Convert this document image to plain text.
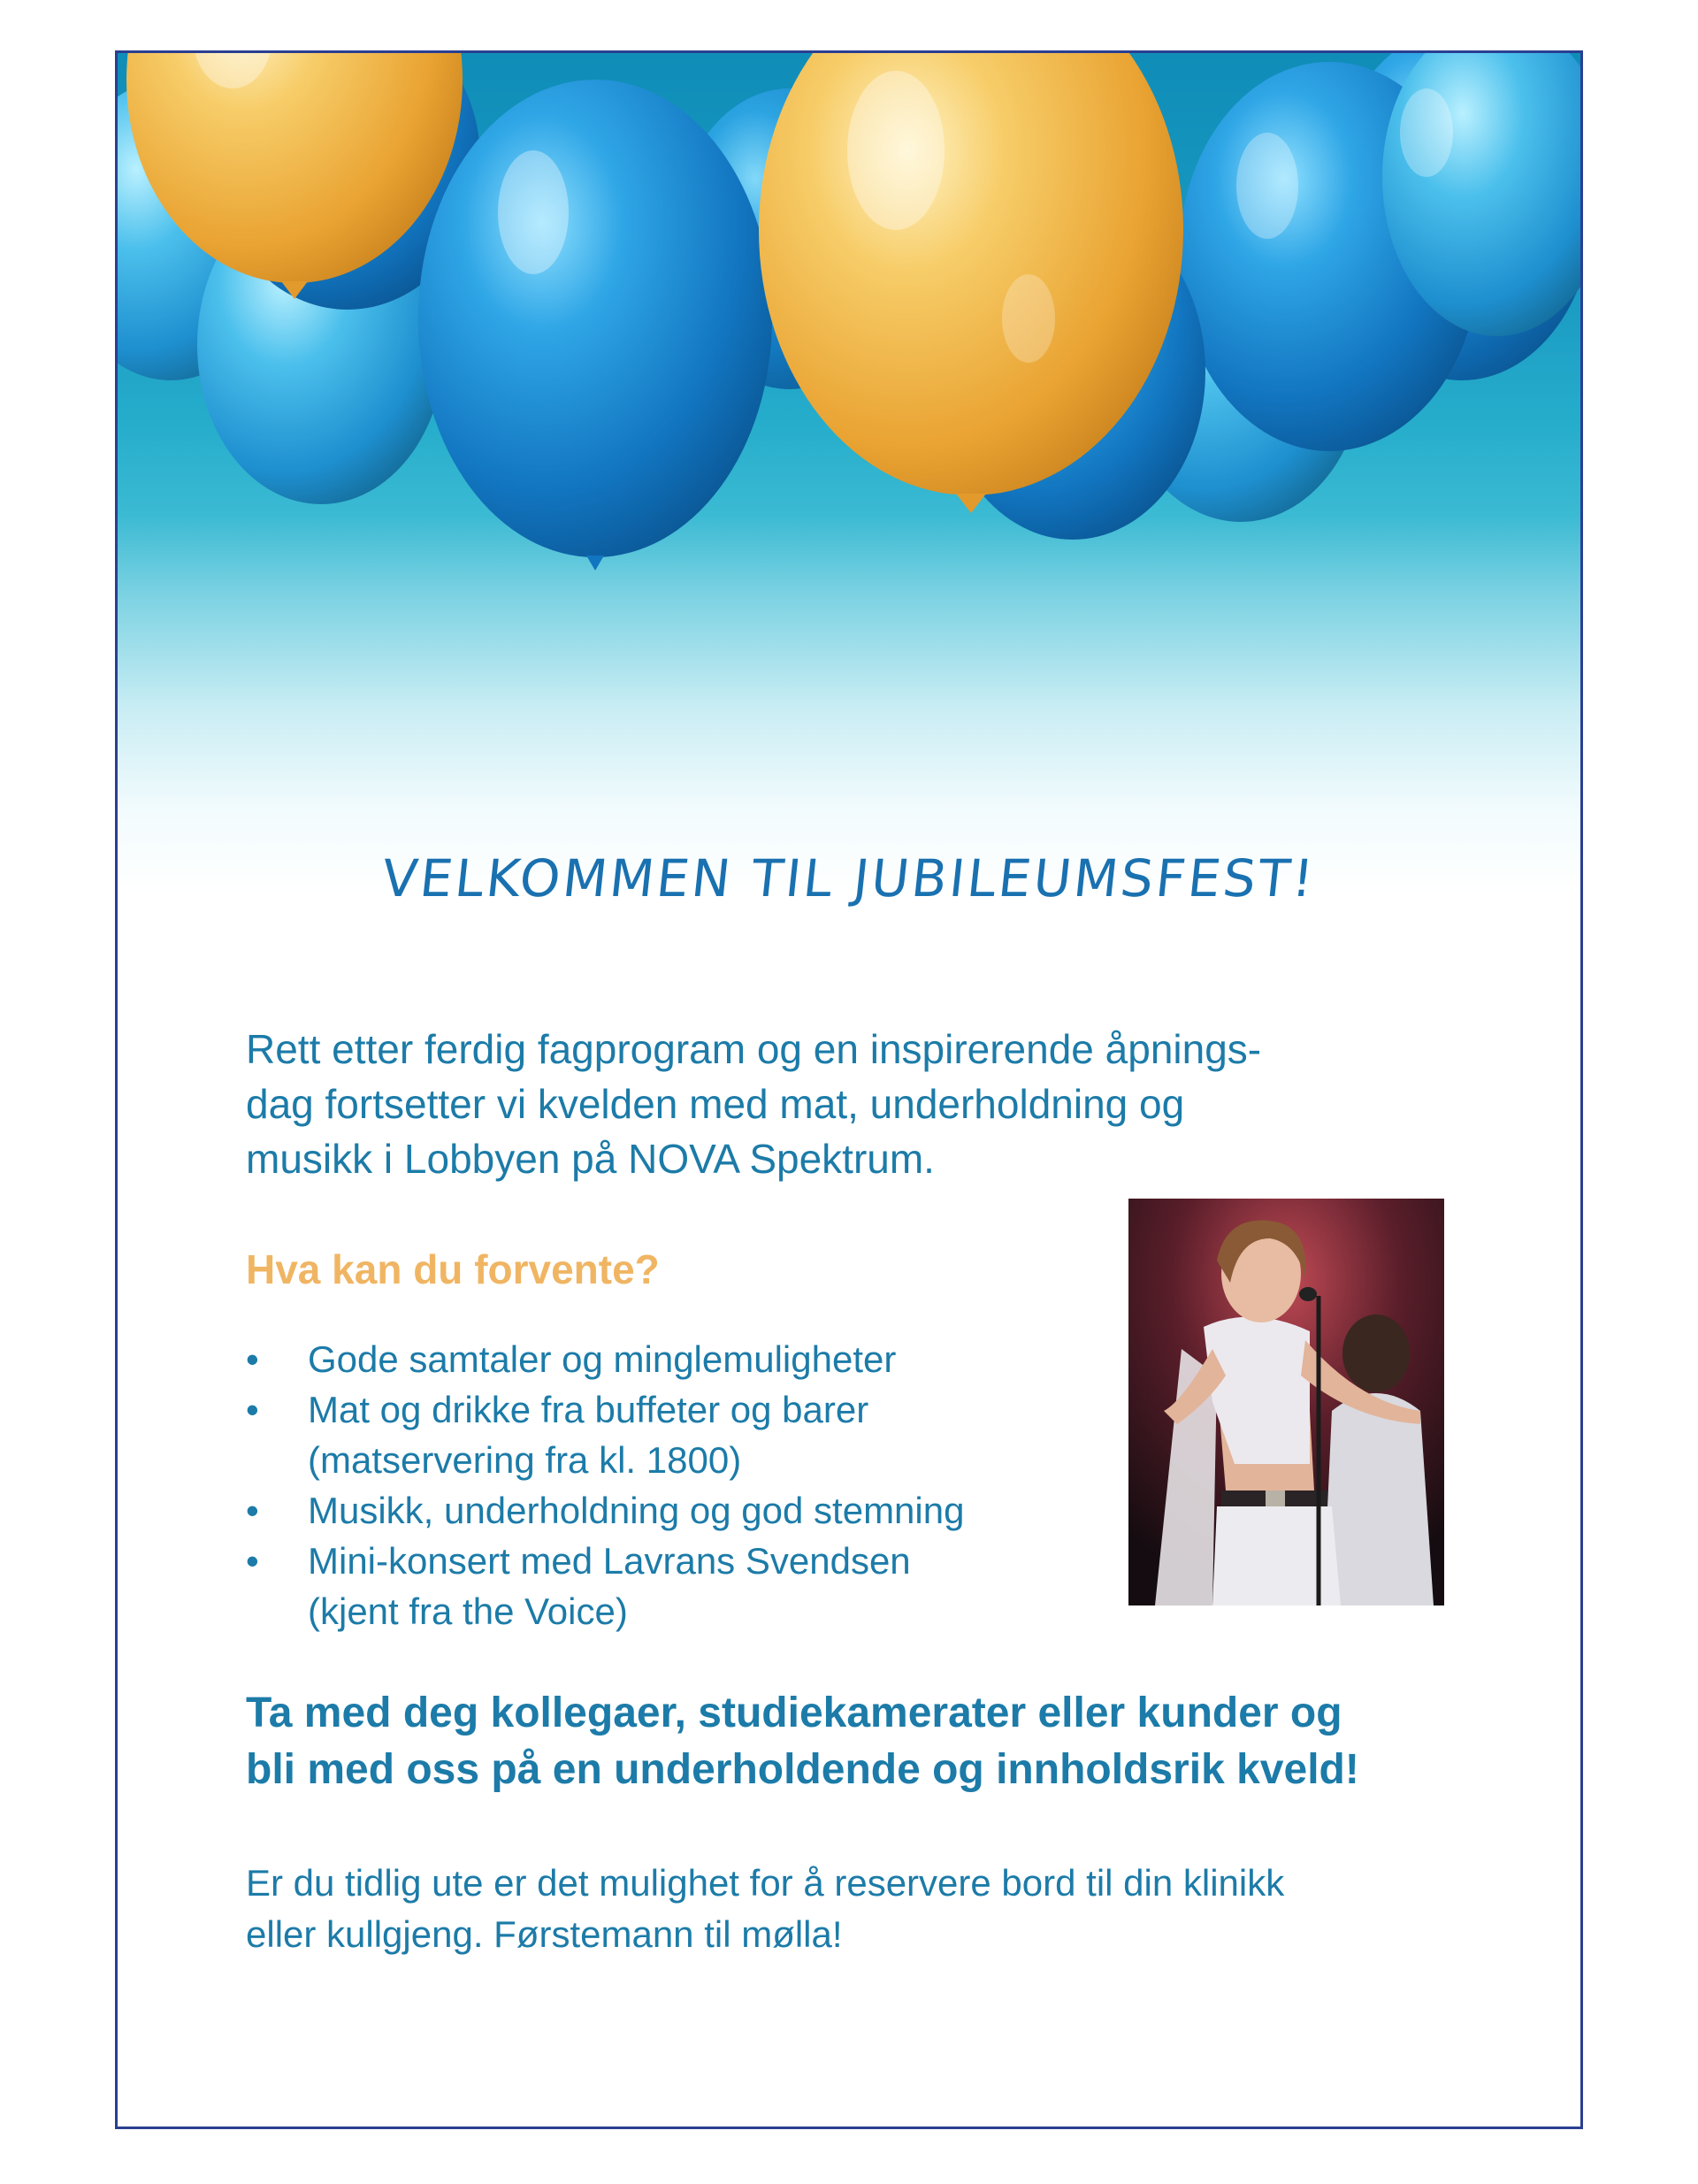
VELKOMMEN TIL JUBILEUMSFEST!

Rett etter ferdig fagprogram og en inspirerende åpnings-
dag fortsetter vi kvelden med mat, underholdning og
musikk i Lobbyen på NOVA Spektrum.

Hva kan du forvente?
• Gode samtaler og minglemuligheter
• Mat og drikke fra buffeter og barer
(matservering fra kl. 1800)
• Musikk, underholdning og god stemning
• Mini-konsert med Lavrans Svendsen
(kjent fra the Voice)

Ta med deg kollegaer, studiekamerater eller kunder og
bli med oss på en underholdende og innholdsrik kveld!

Er du tidlig ute er det mulighet for å reservere bord til din klinikk
eller kullgjeng. Førstemann til mølla!
